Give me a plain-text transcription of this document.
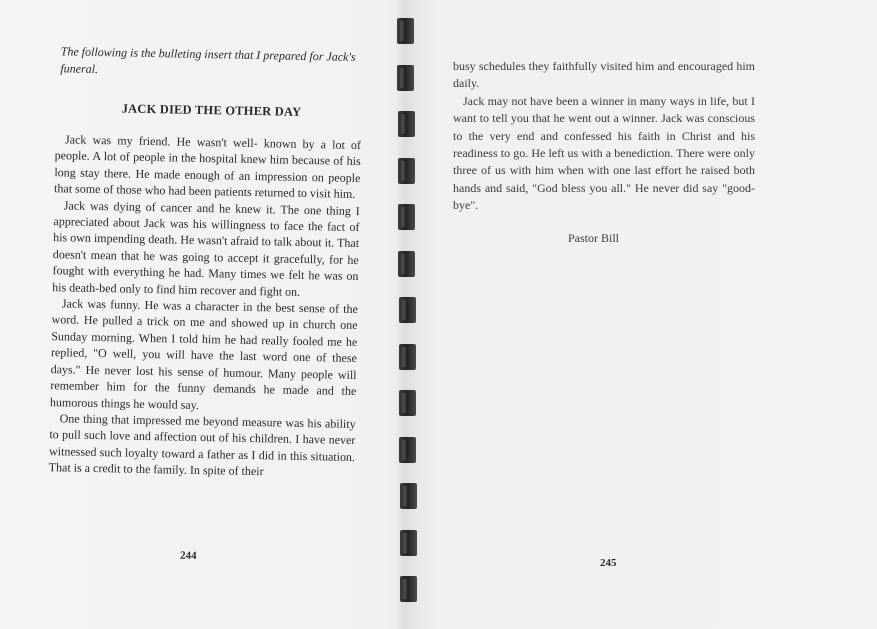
The following is the bulleting insert that I prepared for Jack's funeral.

JACK DIED THE OTHER DAY

Jack was my friend. He wasn't well- known by a lot of people. A lot of people in the hospital knew him because of his long stay there. He made enough of an impression on people that some of those who had been patients returned to visit him.

Jack was dying of cancer and he knew it. The one thing I appreciated about Jack was his willingness to face the fact of his own impending death. He wasn't afraid to talk about it. That doesn't mean that he was going to accept it gracefully, for he fought with everything he had. Many times we felt he was on his death-bed only to find him recover and fight on.

Jack was funny. He was a character in the best sense of the word. He pulled a trick on me and showed up in church one Sunday morning. When I told him he had really fooled me he replied, "O well, you will have the last word one of these days." He never lost his sense of humour. Many people will remember him for the funny demands he made and the humorous things he would say.

One thing that impressed me beyond measure was his ability to pull such love and affection out of his children. I have never witnessed such loyalty toward a father as I did in this situation. That is a credit to the family. In spite of their

244

busy schedules they faithfully visited him and encouraged him daily.

Jack may not have been a winner in many ways in life, but I want to tell you that he went out a winner. Jack was conscious to the very end and confessed his faith in Christ and his readiness to go. He left us with a benediction. There were only three of us with him when with one last effort he raised both hands and said, "God bless you all." He never did say "good-bye".

Pastor Bill

245
